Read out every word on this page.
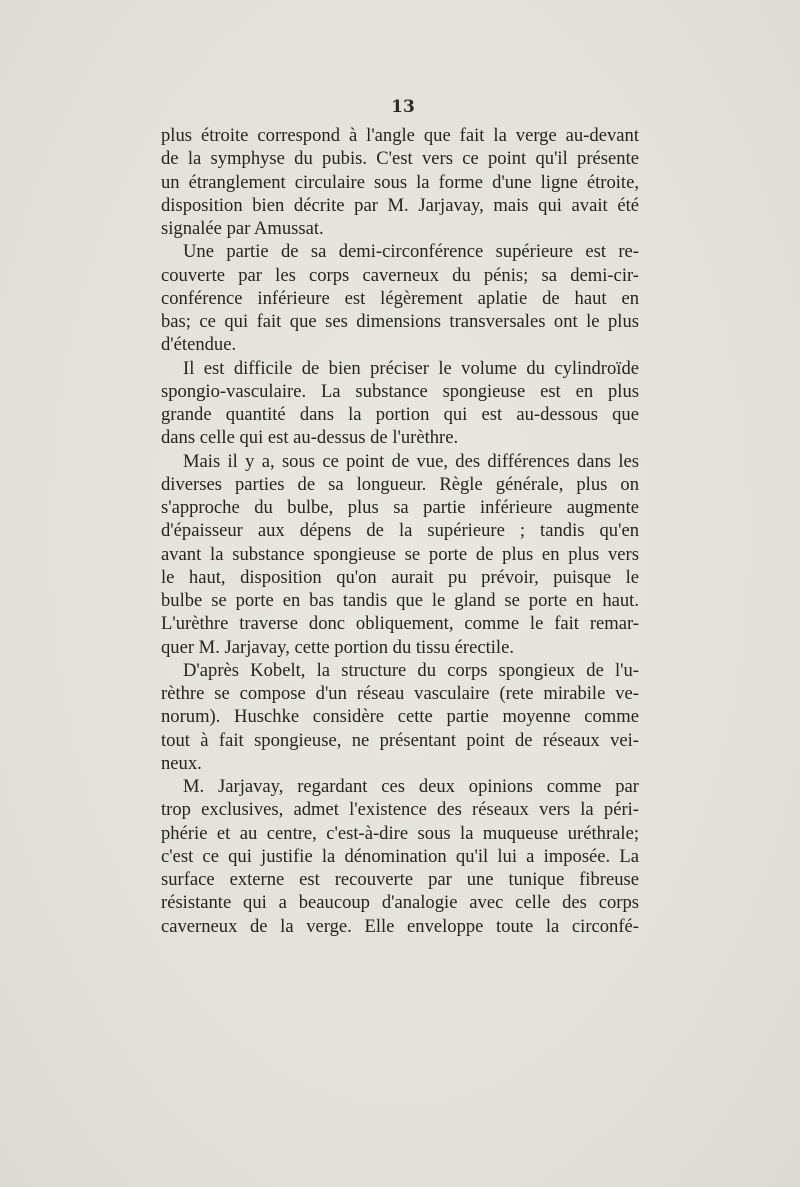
13
plus étroite correspond à l'angle que fait la verge au-devant
de la symphyse du pubis. C'est vers ce point qu'il présente
un étranglement circulaire sous la forme d'une ligne étroite,
disposition bien décrite par M. Jarjavay, mais qui avait été
signalée par Amussat.
Une partie de sa demi-circonférence supérieure est re-
couverte par les corps caverneux du pénis; sa demi-cir-
conférence inférieure est légèrement aplatie de haut en
bas; ce qui fait que ses dimensions transversales ont le plus
d'étendue.
Il est difficile de bien préciser le volume du cylindroïde
spongio-vasculaire. La substance spongieuse est en plus
grande quantité dans la portion qui est au-dessous que
dans celle qui est au-dessus de l'urèthre.
Mais il y a, sous ce point de vue, des différences dans les
diverses parties de sa longueur. Règle générale, plus on
s'approche du bulbe, plus sa partie inférieure augmente
d'épaisseur aux dépens de la supérieure ; tandis qu'en
avant la substance spongieuse se porte de plus en plus vers
le haut, disposition qu'on aurait pu prévoir, puisque le
bulbe se porte en bas tandis que le gland se porte en haut.
L'urèthre traverse donc obliquement, comme le fait remar-
quer M. Jarjavay, cette portion du tissu érectile.
D'après Kobelt, la structure du corps spongieux de l'u-
rèthre se compose d'un réseau vasculaire (rete mirabile ve-
norum). Huschke considère cette partie moyenne comme
tout à fait spongieuse, ne présentant point de réseaux vei-
neux.
M. Jarjavay, regardant ces deux opinions comme par
trop exclusives, admet l'existence des réseaux vers la péri-
phérie et au centre, c'est-à-dire sous la muqueuse uréthrale;
c'est ce qui justifie la dénomination qu'il lui a imposée. La
surface externe est recouverte par une tunique fibreuse
résistante qui a beaucoup d'analogie avec celle des corps
caverneux de la verge. Elle enveloppe toute la circonfé-
